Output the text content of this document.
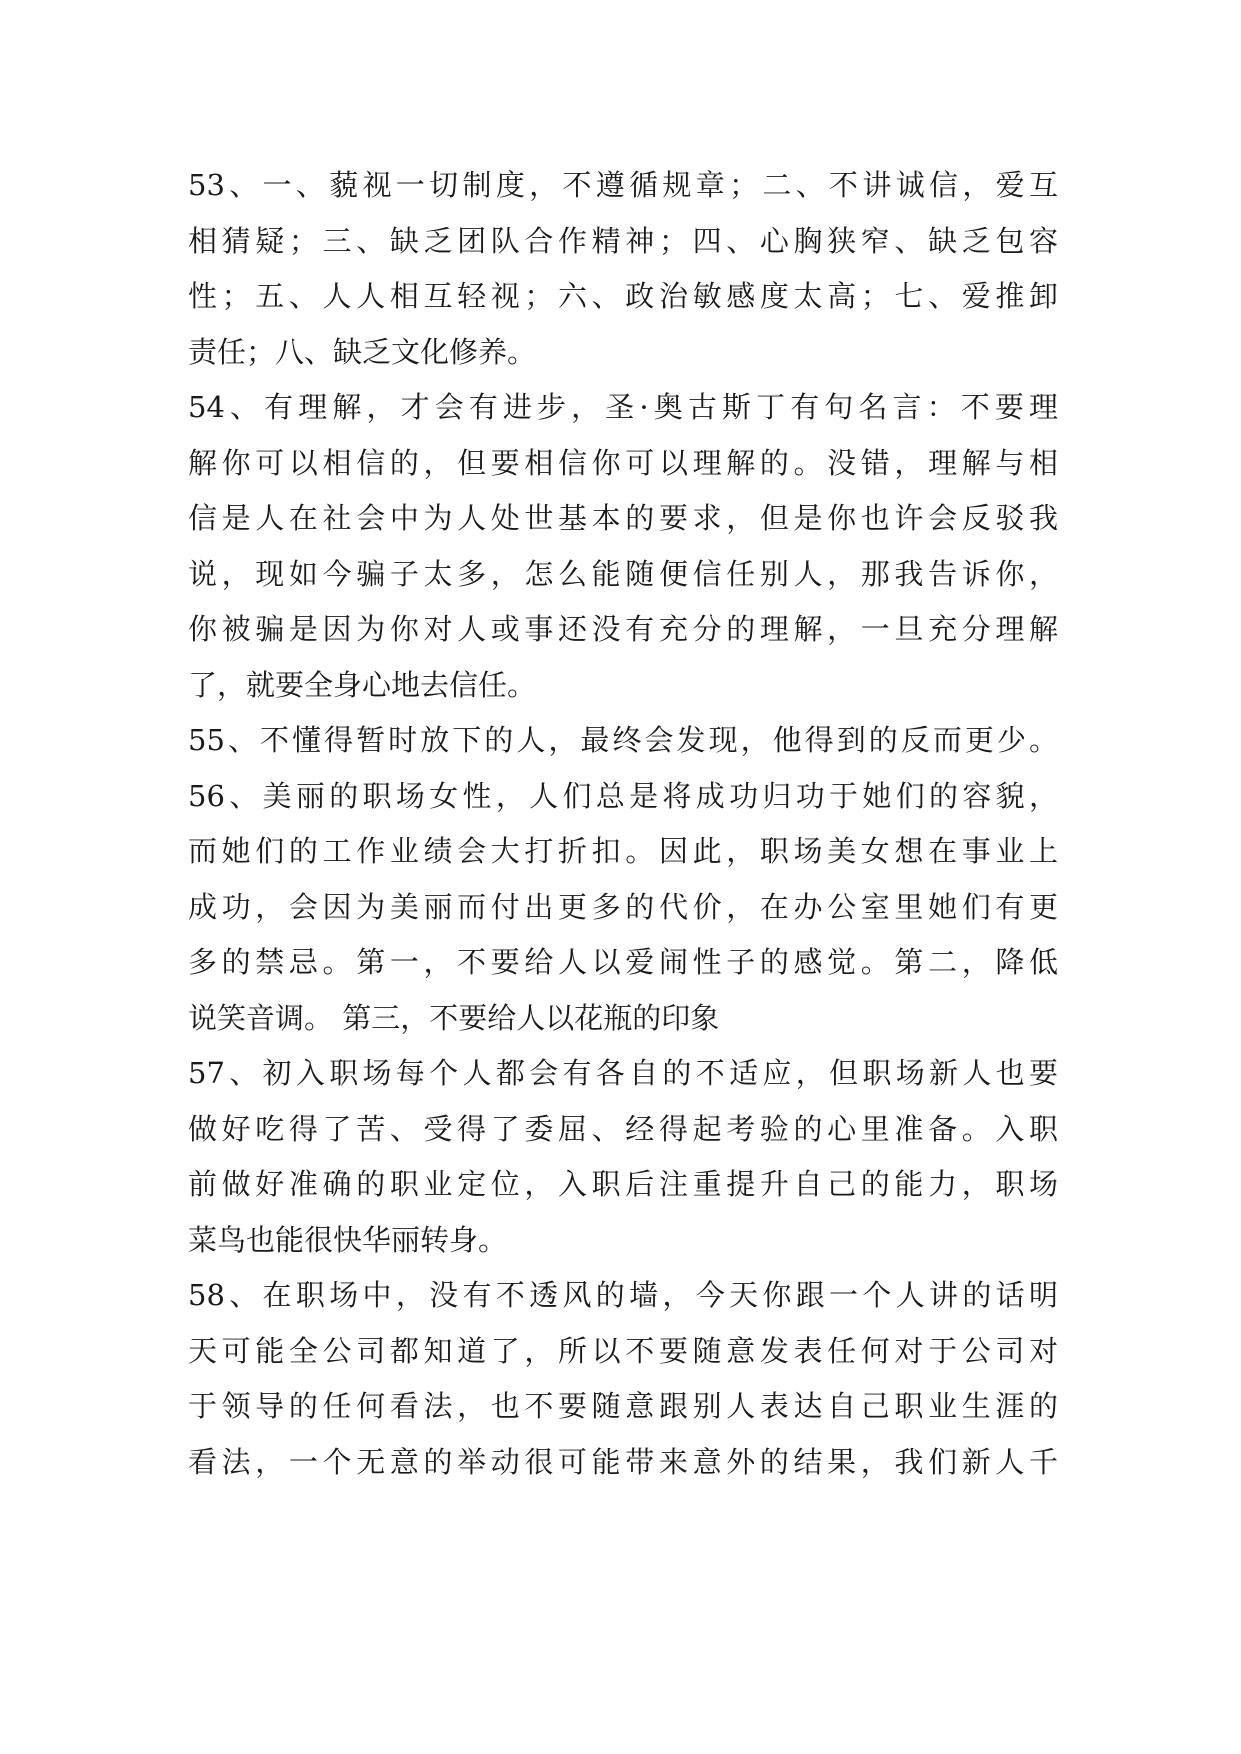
53、一、藐视一切制度，不遵循规章；二、不讲诚信，爱互
相猜疑；三、缺乏团队合作精神；四、心胸狭窄、缺乏包容
性；五、人人相互轻视；六、政治敏感度太高；七、爱推卸
责任；八、缺乏文化修养。
54、有理解，才会有进步，圣·奥古斯丁有句名言：不要理
解你可以相信的，但要相信你可以理解的。没错，理解与相
信是人在社会中为人处世基本的要求，但是你也许会反驳我
说，现如今骗子太多，怎么能随便信任别人，那我告诉你，
你被骗是因为你对人或事还没有充分的理解，一旦充分理解
了，就要全身心地去信任。
55、不懂得暂时放下的人，最终会发现，他得到的反而更少。
56、美丽的职场女性，人们总是将成功归功于她们的容貌，
而她们的工作业绩会大打折扣。因此，职场美女想在事业上
成功，会因为美丽而付出更多的代价，在办公室里她们有更
多的禁忌。第一，不要给人以爱闹性子的感觉。第二，降低
说笑音调。 第三，不要给人以花瓶的印象
57、初入职场每个人都会有各自的不适应，但职场新人也要
做好吃得了苦、受得了委屈、经得起考验的心里准备。入职
前做好准确的职业定位，入职后注重提升自己的能力，职场
菜鸟也能很快华丽转身。
58、在职场中，没有不透风的墙，今天你跟一个人讲的话明
天可能全公司都知道了，所以不要随意发表任何对于公司对
于领导的任何看法，也不要随意跟别人表达自己职业生涯的
看法，一个无意的举动很可能带来意外的结果，我们新人千
